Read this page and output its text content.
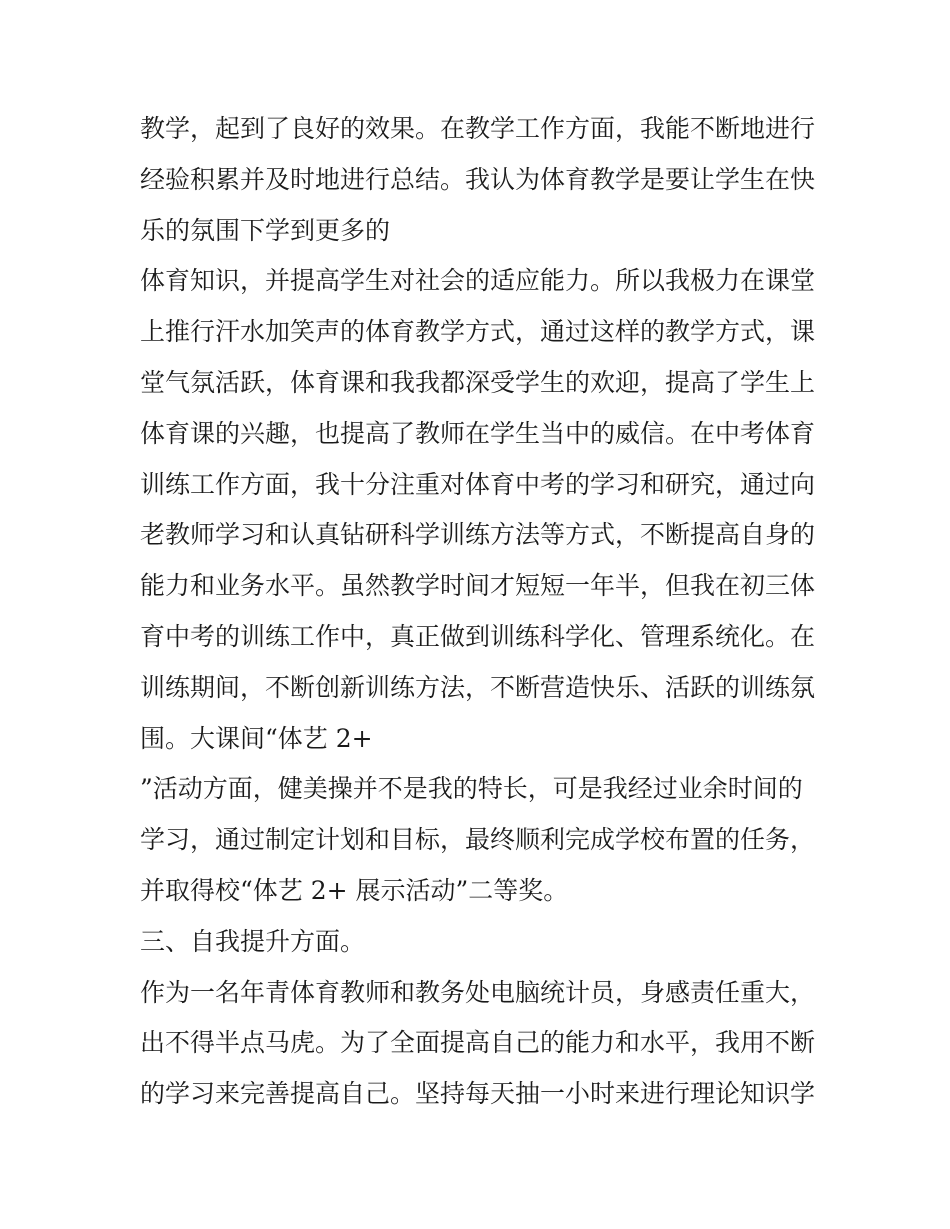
教学，起到了良好的效果。在教学工作方面，我能不断地进行
经验积累并及时地进行总结。我认为体育教学是要让学生在快
乐的氛围下学到更多的
体育知识，并提高学生对社会的适应能力。所以我极力在课堂
上推行汗水加笑声的体育教学方式，通过这样的教学方式，课
堂气氛活跃，体育课和我我都深受学生的欢迎，提高了学生上
体育课的兴趣，也提高了教师在学生当中的威信。在中考体育
训练工作方面，我十分注重对体育中考的学习和研究，通过向
老教师学习和认真钻研科学训练方法等方式，不断提高自身的
能力和业务水平。虽然教学时间才短短一年半，但我在初三体
育中考的训练工作中，真正做到训练科学化、管理系统化。在
训练期间，不断创新训练方法，不断营造快乐、活跃的训练氛
围。大课间“体艺 2+
”活动方面，健美操并不是我的特长，可是我经过业余时间的
学习，通过制定计划和目标，最终顺利完成学校布置的任务，
并取得校“体艺 2+ 展示活动”二等奖。
三、自我提升方面。
作为一名年青体育教师和教务处电脑统计员，身感责任重大，
出不得半点马虎。为了全面提高自己的能力和水平，我用不断
的学习来完善提高自己。坚持每天抽一小时来进行理论知识学
